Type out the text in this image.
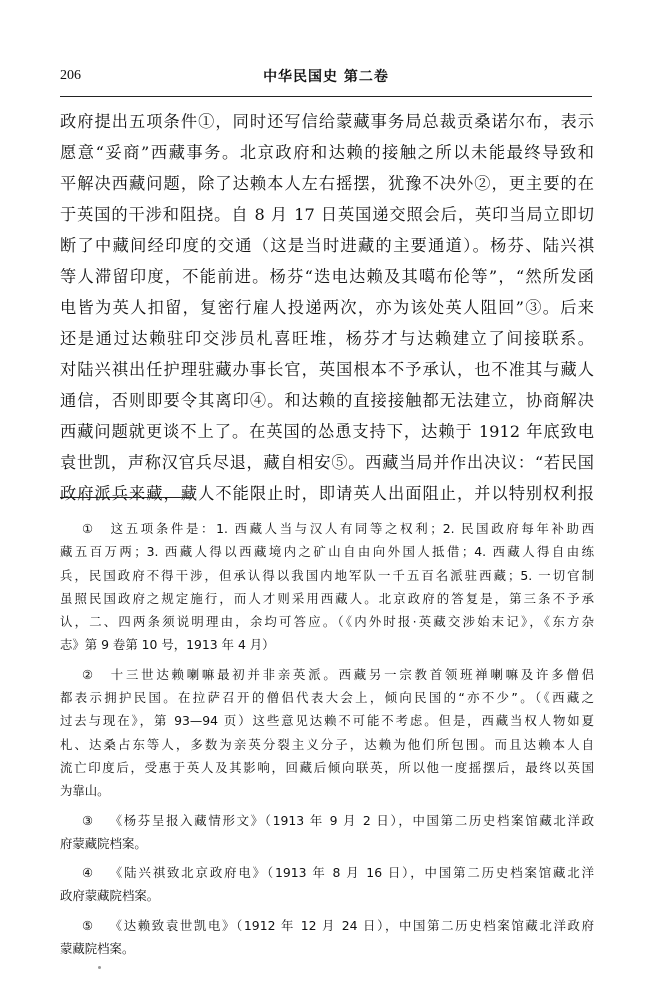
206	中华民国史 第二卷
政府提出五项条件①，同时还写信给蒙藏事务局总裁贡桑诺尔布，表示
愿意“妥商”西藏事务。北京政府和达赖的接触之所以未能最终导致和
平解决西藏问题，除了达赖本人左右摇摆，犹豫不决外②，更主要的在
于英国的干涉和阻挠。自 8 月 17 日英国递交照会后，英印当局立即切
断了中藏间经印度的交通（这是当时进藏的主要通道）。杨芬、陆兴祺
等人滞留印度，不能前进。杨芬“迭电达赖及其噶布伦等”，“然所发函
电皆为英人扣留，复密行雇人投递两次，亦为该处英人阻回”③。后来
还是通过达赖驻印交涉员札喜旺堆，杨芬才与达赖建立了间接联系。
对陆兴祺出任护理驻藏办事长官，英国根本不予承认，也不准其与藏人
通信，否则即要令其离印④。和达赖的直接接触都无法建立，协商解决
西藏问题就更谈不上了。在英国的怂恿支持下，达赖于 1912 年底致电
袁世凯，声称汉官兵尽退，藏自相安⑤。西藏当局并作出决议：“若民国
政府派兵来藏，藏人不能限止时，即请英人出面阻止，并以特别权利报
① 这五项条件是：1. 西藏人当与汉人有同等之权利；2. 民国政府每年补助西
藏五百万两；3. 西藏人得以西藏境内之矿山自由向外国人抵借；4. 西藏人得自由练
兵，民国政府不得干涉，但承认得以我国内地军队一千五百名派驻西藏；5. 一切官制
虽照民国政府之规定施行，而人才则采用西藏人。北京政府的答复是，第三条不予承
认，二、四两条须说明理由，余均可答应。（《内外时报·英藏交涉始末记》，《东方杂
志》第 9 卷第 10 号，1913 年 4 月）
② 十三世达赖喇嘛最初并非亲英派。西藏另一宗教首领班禅喇嘛及许多僧侣
都表示拥护民国。在拉萨召开的僧侣代表大会上，倾向民国的“亦不少”。（《西藏之
过去与现在》，第 93—94 页）这些意见达赖不可能不考虑。但是，西藏当权人物如夏
札、达桑占东等人，多数为亲英分裂主义分子，达赖为他们所包围。而且达赖本人自
流亡印度后，受惠于英人及其影响，回藏后倾向联英，所以他一度摇摆后，最终以英国
为靠山。
③ 《杨芬呈报入藏情形文》（1913 年 9 月 2 日），中国第二历史档案馆藏北洋政
府蒙藏院档案。
④ 《陆兴祺致北京政府电》（1913 年 8 月 16 日），中国第二历史档案馆藏北洋
政府蒙藏院档案。
⑤ 《达赖致袁世凯电》（1912 年 12 月 24 日），中国第二历史档案馆藏北洋政府
蒙藏院档案。
